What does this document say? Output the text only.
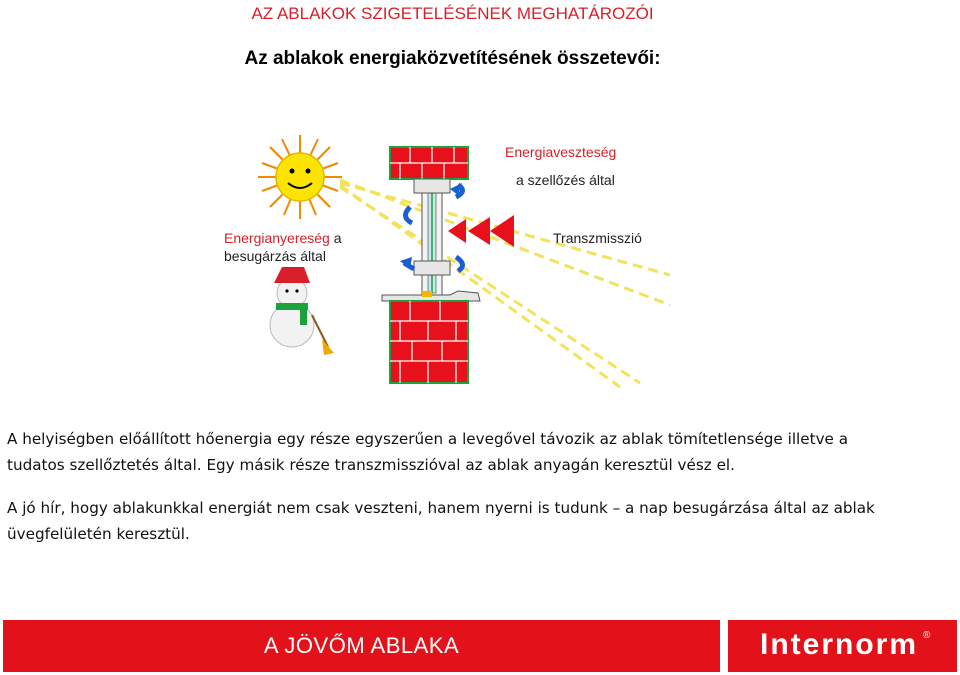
AZ ABLAKOK SZIGETELÉSÉNEK MEGHATÁROZÓI
Az ablakok energiaközvetítésének összetevői:
Energiaveszteség
a szellőzés által
Transzmisszió
Energianyereség a
besugárzás által
A helyiségben előállított hőenergia egy része egyszerűen a levegővel távozik az ablak tömítetlensége illetve a tudatos szellőztetés által. Egy másik része transzmisszióval az ablak anyagán keresztül vész el.
A jó hír, hogy ablakunkkal energiát nem csak veszteni, hanem nyerni is tudunk – a nap besugárzása által az ablak üvegfelületén keresztül.
A JÖVŐM ABLAKA	Internorm ®
